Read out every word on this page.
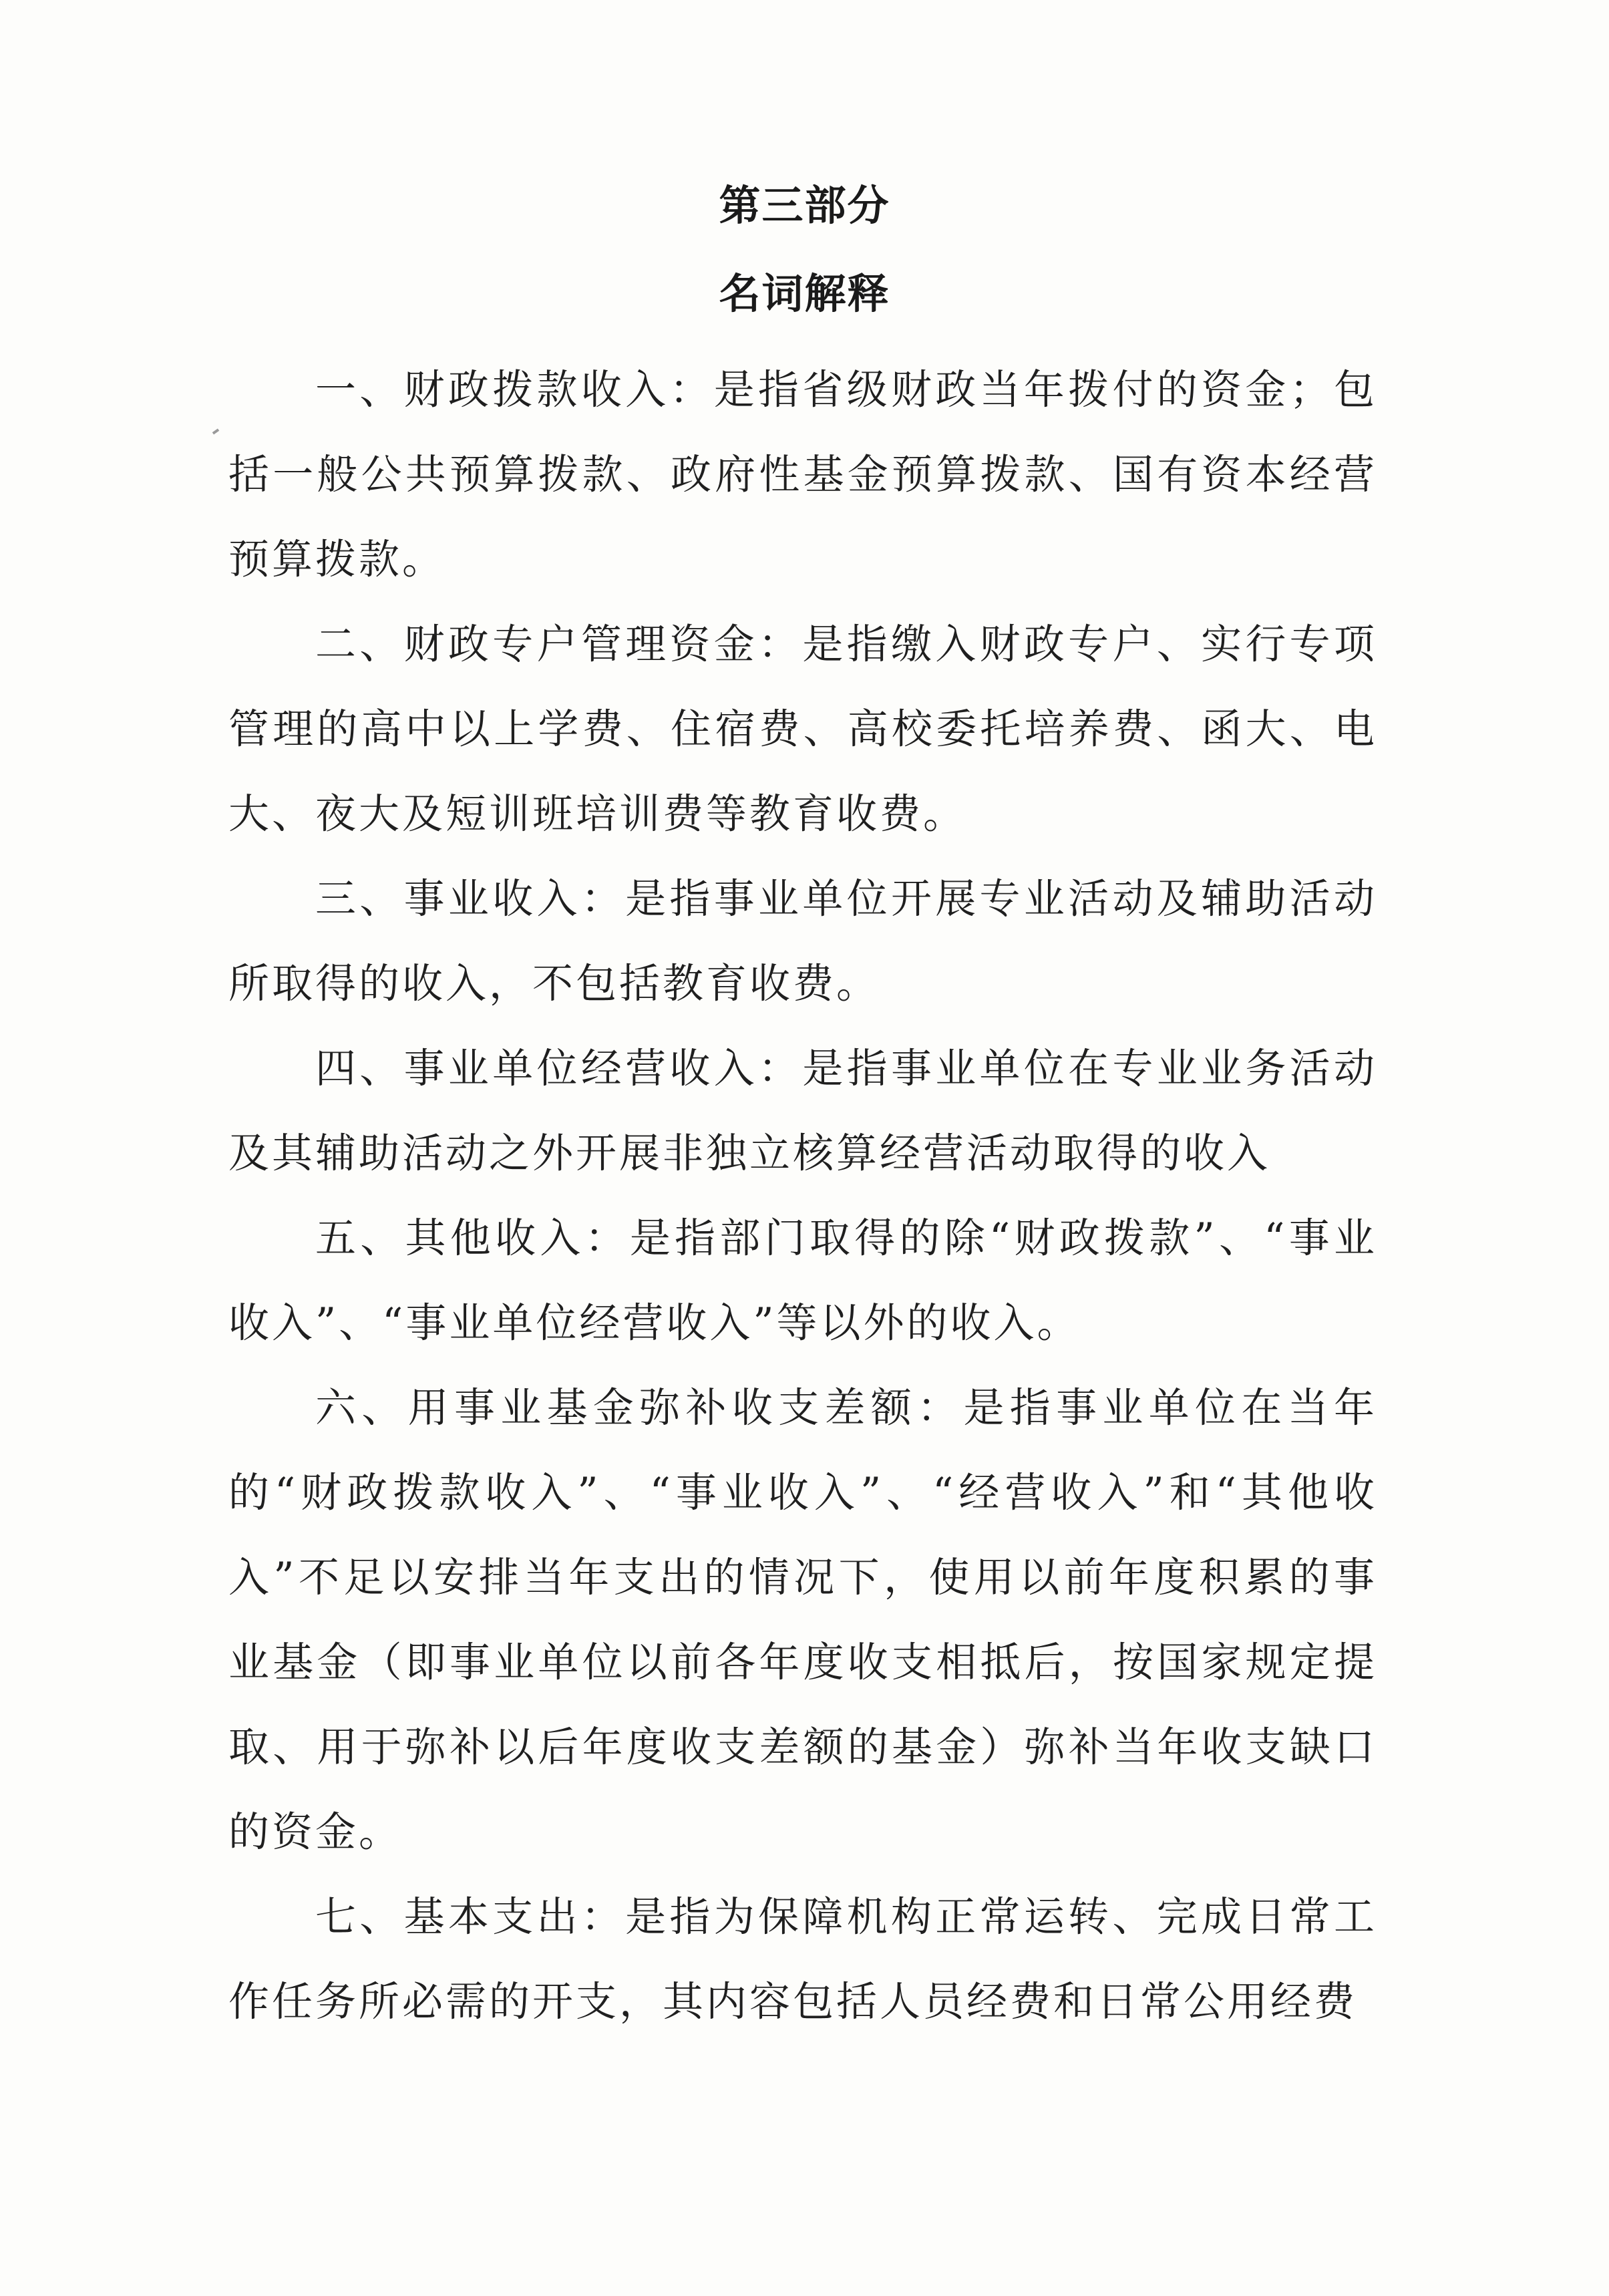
第三部分
名词解释

一、财政拨款收入：是指省级财政当年拨付的资金；包括一般公共预算拨款、政府性基金预算拨款、国有资本经营预算拨款。

二、财政专户管理资金：是指缴入财政专户、实行专项管理的高中以上学费、住宿费、高校委托培养费、函大、电大、夜大及短训班培训费等教育收费。

三、事业收入：是指事业单位开展专业活动及辅助活动所取得的收入，不包括教育收费。

四、事业单位经营收入：是指事业单位在专业业务活动及其辅助活动之外开展非独立核算经营活动取得的收入

五、其他收入：是指部门取得的除“财政拨款”、“事业收入”、“事业单位经营收入”等以外的收入。

六、用事业基金弥补收支差额：是指事业单位在当年的“财政拨款收入”、“事业收入”、“经营收入”和“其他收入”不足以安排当年支出的情况下，使用以前年度积累的事业基金（即事业单位以前各年度收支相抵后，按国家规定提取、用于弥补以后年度收支差额的基金）弥补当年收支缺口的资金。

七、基本支出：是指为保障机构正常运转、完成日常工作任务所必需的开支，其内容包括人员经费和日常公用经费
